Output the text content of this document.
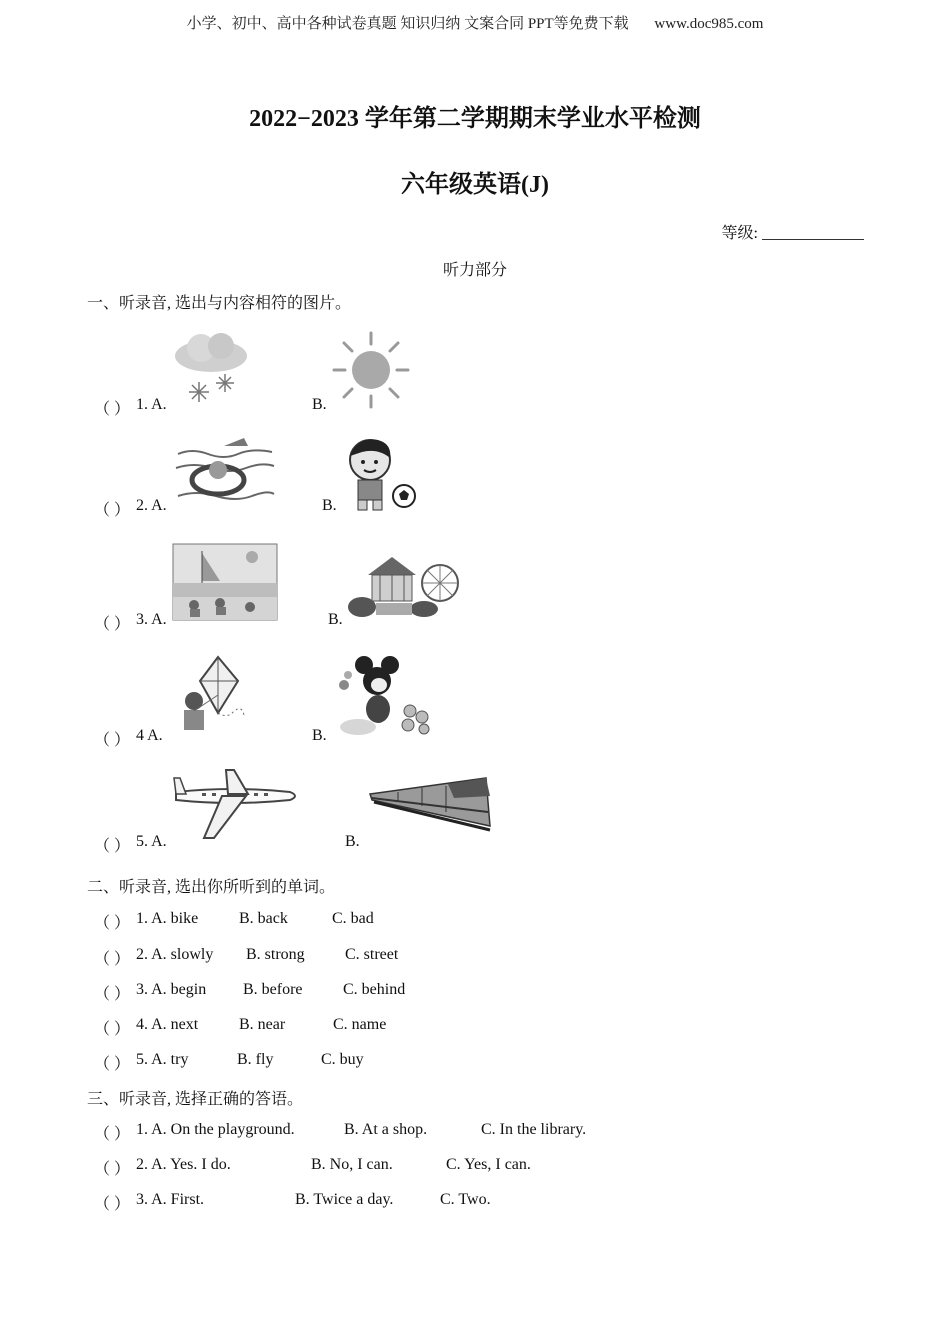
小学、初中、高中各种试卷真题 知识归纳 文案合同 PPT等免费下载 www.doc985.com
2022−2023 学年第二学期期末学业水平检测
六年级英语(J)
等级:
听力部分
一、听录音, 选出与内容相符的图片。
（ ） 1. A.	B.
（ ） 2. A.	B.
（ ） 3. A.	B.
（ ） 4 A.	B.
（ ） 5. A.	B.
二、听录音, 选出你所听到的单词。
（ ） 1. A. bike	B. back	C. bad
（ ） 2. A. slowly B. strong	C. street
（ ） 3. A. begin B. before	C. behind
（ ） 4. A. next	B. near	C. name
（ ） 5. A. try	B. fly	C. buy
三、听录音, 选择正确的答语。
（ ） 1. A. On the playground.	B. At a shop.	C. In the library.
（ ） 2. A. Yes. I do.	B. No, I can.	C. Yes, I can.
（ ） 3. A. First.	B. Twice a day.	C. Two.
